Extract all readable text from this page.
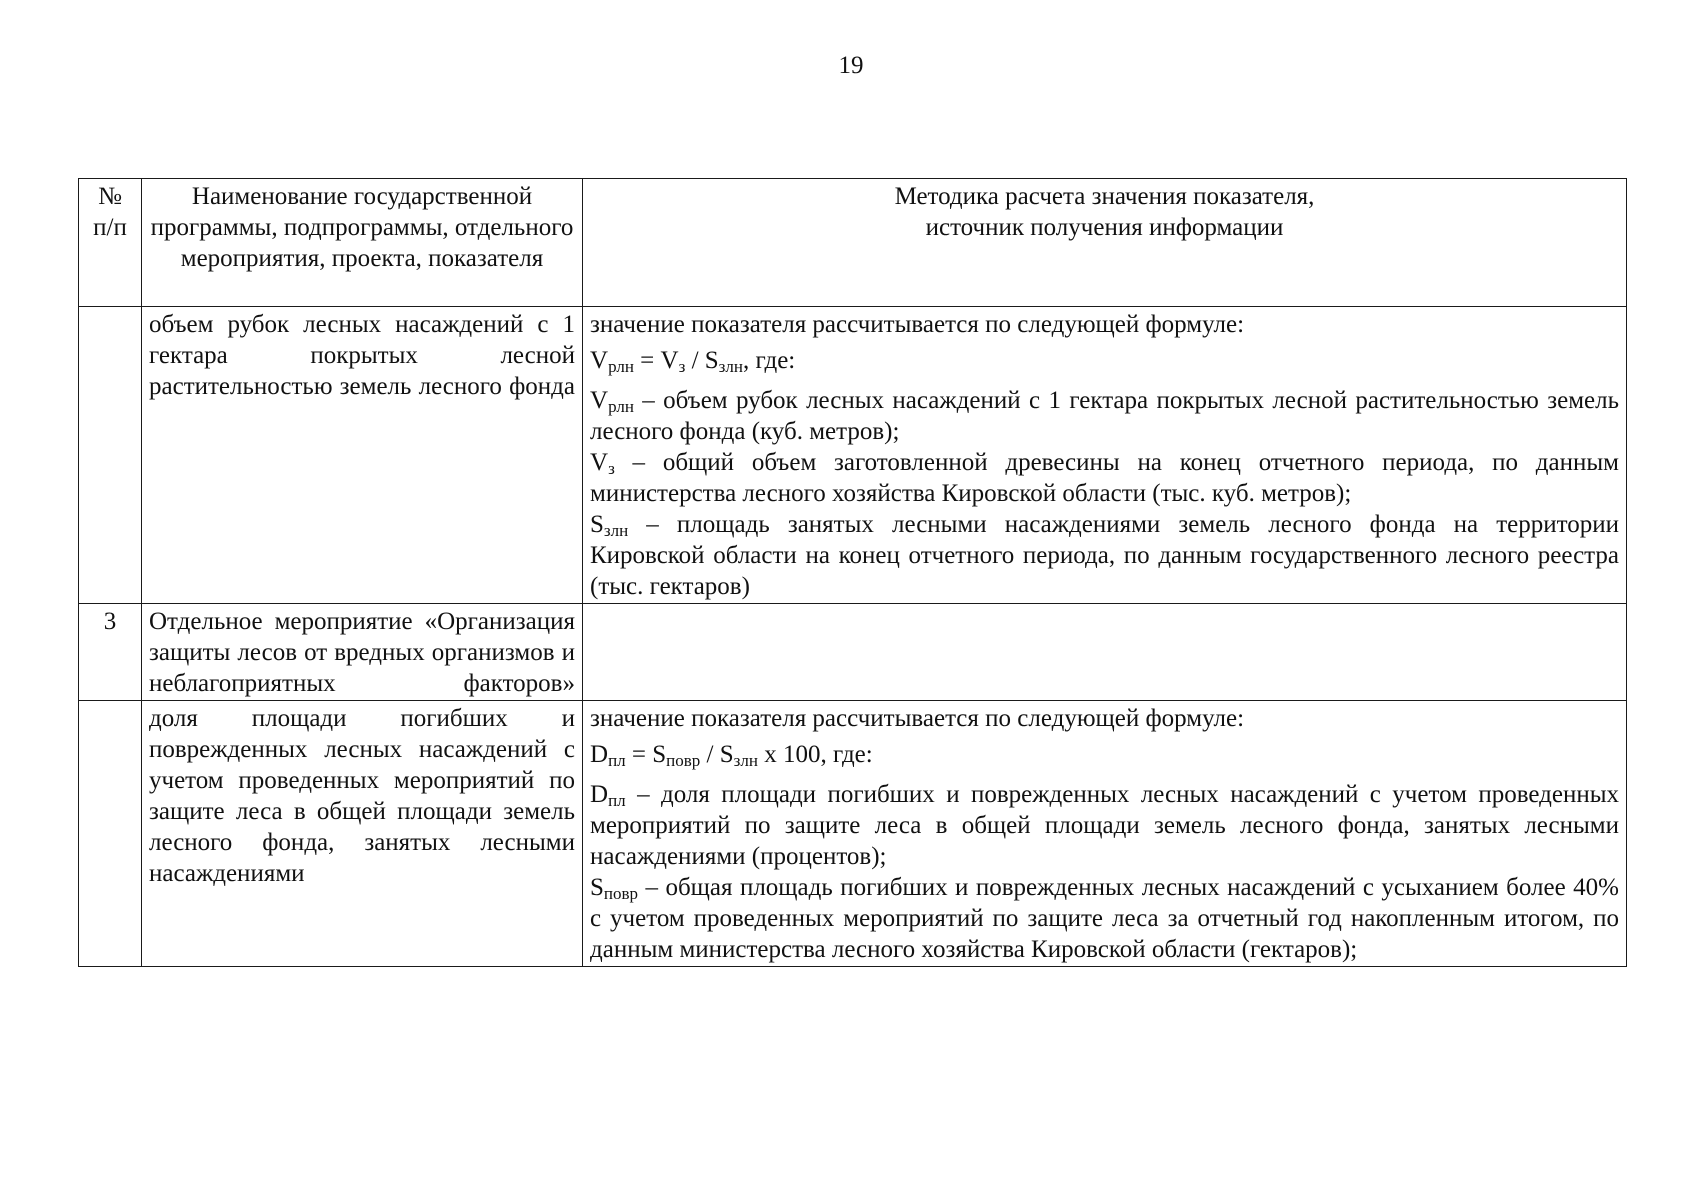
19
№ п/п	Наименование государственной программы, подпрограммы, отдельного мероприятия, проекта, показателя	Методика расчета значения показателя,
источник получения информации

	объем рубок лесных насаждений с 1 гектара покрытых лесной растительностью земель лесного фонда	значение показателя рассчитывается по следующей формуле:

$V_{рлн} = V_з / S_{злн}$, где:

$V_{рлн}$ – объем рубок лесных насаждений с 1 гектара покрытых лесной растительностью земель лесного фонда (куб. метров);

$V_з$ – общий объем заготовленной древесины на конец отчетного периода, по данным министерства лесного хозяйства Кировской области (тыс. куб. метров);

$S_{злн}$ – площадь занятых лесными насаждениями земель лесного фонда на территории Кировской области на конец отчетного периода, по данным государственного лесного реестра (тыс. гектаров)

3	Отдельное мероприятие «Организация защиты лесов от вредных организмов и неблагоприятных факторов»	
	доля площади погибших и поврежденных лесных насаждений с учетом проведенных мероприятий по защите леса в общей площади земель лесного фонда, занятых лесными насаждениями	значение показателя рассчитывается по следующей формуле:

$D_{пл} = S_{повр} / S_{злн}$ х 100, где:

$D_{пл}$ – доля площади погибших и поврежденных лесных насаждений с учетом проведенных мероприятий по защите леса в общей площади земель лесного фонда, занятых лесными насаждениями (процентов);

$S_{повр}$ – общая площадь погибших и поврежденных лесных насаждений с усыханием более 40% с учетом проведенных мероприятий по защите леса за отчетный год накопленным итогом, по данным министерства лесного хозяйства Кировской области (гектаров);
